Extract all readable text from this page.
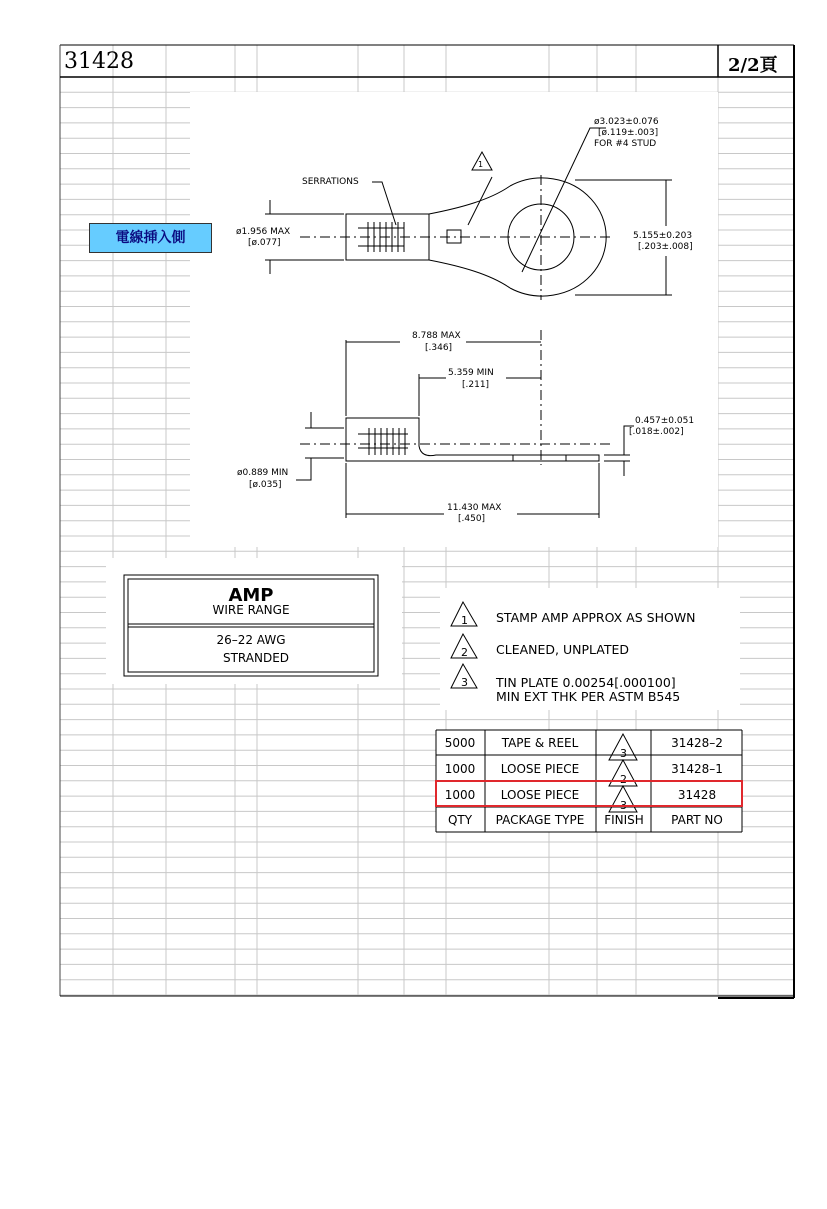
SERRATIONS
ø3.023±0.076
[ø.119±.003]
FOR #4 STUD
1
ø1.956 MAX
[ø.077]
5.155±0.203
[.203±.008]
8.788 MAX
[.346]
5.359 MIN
[.211]
0.457±0.051
[.018±.002]
ø0.889 MIN
[ø.035]
11.430 MAX
[.450]
AMP
WIRE RANGE
26–22 AWG
STRANDED
1 STAMP AMP APPROX AS SHOWN
2 CLEANED, UNPLATED
3 TIN PLATE 0.00254[.000100]
MIN EXT THK PER ASTM B545
5000 TAPE & REEL
3
31428–2
1000 LOOSE PIECE
2
31428–1
1000 LOOSE PIECE
3
31428
QTY PACKAGE TYPE FINISH PART NO
31428	2/2頁
電線挿入側
